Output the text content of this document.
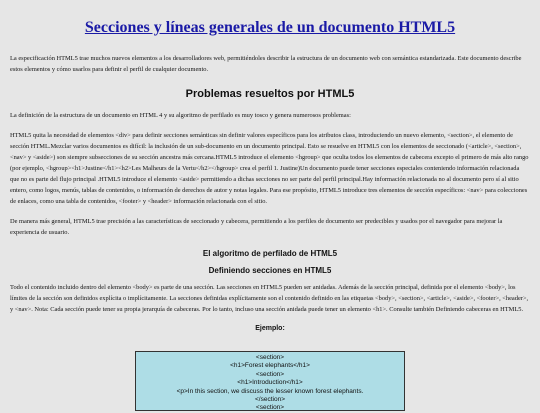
Secciones y líneas generales de un documento HTML5

La especificación HTML5 trae muchos nuevos elementos a los desarrolladores web, permitiéndoles describir la estructura de un documento web con semántica estandarizada. Este documento describe estos elementos y cómo usarlos para definir el perfil de cualquier documento.

Problemas resueltos por HTML5

La definición de la estructura de un documento en HTML 4 y su algoritmo de perfilado es muy tosco y genera numerosos problemas:

HTML5 quita la necesidad de elementos <div> para definir secciones semánticas sin definir valores específicos para los atributos class, introduciendo un nuevo elemento, <section>, el elemento de sección HTML.Mezclar varios documentos es difícil: la inclusión de un sub-documento en un documento principal. Esto se resuelve en HTML5 con los elementos de seccionado (<article>, <section>, <nav> y <aside>) son siempre subsecciones de su sección ancestra más cercana.HTML5 introduce el elemento <hgroup> que oculta todos los elementos de cabecera excepto el primero de más alto rango (por ejemplo, <hgroup><h1>Justine</h1><h2>Les Malheurs de la Vertu</h2></hgroup> crea el perfil 1. Justine)Un documento puede tener secciones especiales conteniendo información relacionada que no es parte del flujo principal .HTML5 introduce el elemento <aside> permitiendo a dichas secciones no ser parte del perfil principal.Hay información relacionada no al documento pero sí al sitio entero, como logos, menús, tablas de contenidos, o información de derechos de autor y notas legales. Para ese propósito, HTML5 introduce tres elementos de sección específicos: <nav> para colecciones de enlaces, como una tabla de contenidos, <footer> y <header> información relacionada con el sitio.

De manera más general, HTML5 trae precisión a las características de seccionado y cabecera, permitiendo a los perfiles de documento ser predecibles y usados por el navegador para mejorar la experiencia de usuario.

El algoritmo de perfilado de HTML5
Definiendo secciones en HTML5

Todo el contenido incluido dentro del elemento <body> es parte de una sección. Las secciones en HTML5 pueden ser anidadas. Además de la sección principal, definida por el elemento <body>, los límites de la sección son definidos explícita o implícitamente. La secciones definidas explícitamente son el contenido definido en las etiquetas <body>, <section>, <article>, <aside>, <footer>, <header>, y <nav>. Nota: Cada sección puede tener su propia jerarquía de cabeceras. Por lo tanto, incluso una sección anidada puede tener un elemento <h1>. Consulte también Definiendo cabeceras en HTML5.

Ejemplo:
<section>
<h1>Forest elephants</h1>
<section>
<h1>Introduction</h1>
<p>In this section, we discuss the lesser known forest elephants.
</section>
<section>
